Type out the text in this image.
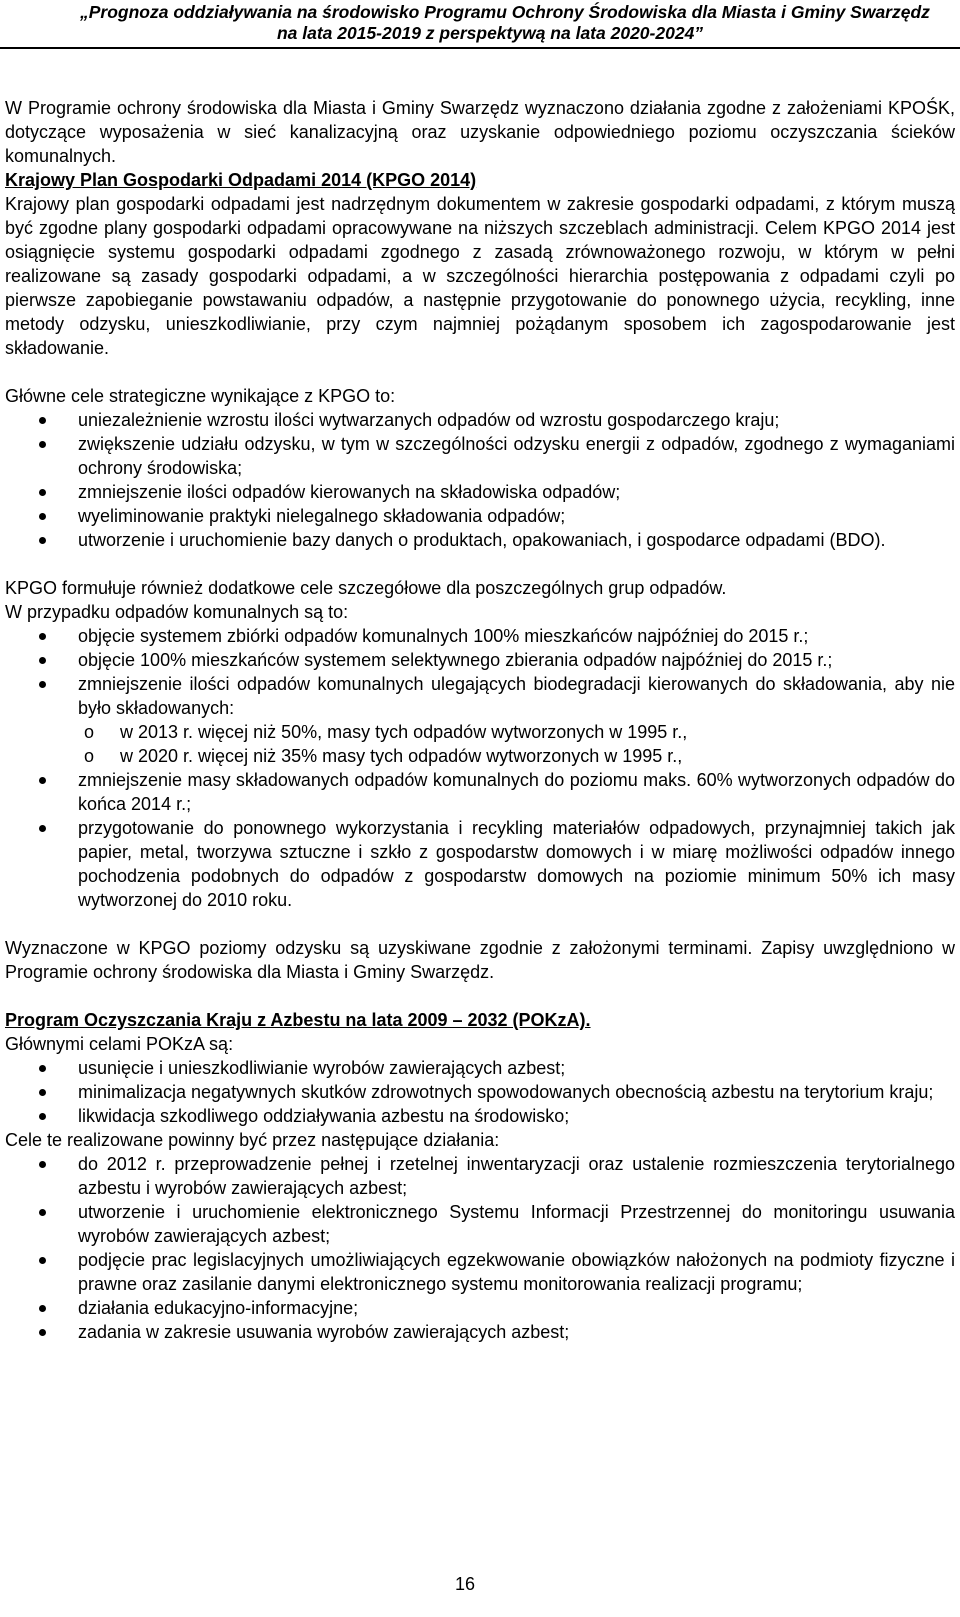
„Prognoza oddziaływania na środowisko Programu Ochrony Środowiska dla Miasta i Gminy Swarzędz
na lata 2015-2019 z perspektywą na lata 2020-2024”

W Programie ochrony środowiska dla Miasta i Gminy Swarzędz wyznaczono działania zgodne z założeniami KPOŚK, dotyczące wyposażenia w sieć kanalizacyjną oraz uzyskanie odpowiedniego poziomu oczyszczania ścieków komunalnych.

Krajowy Plan Gospodarki Odpadami 2014 (KPGO 2014)

Krajowy plan gospodarki odpadami jest nadrzędnym dokumentem w zakresie gospodarki odpadami, z którym muszą być zgodne plany gospodarki odpadami opracowywane na niższych szczeblach administracji. Celem KPGO 2014 jest osiągnięcie systemu gospodarki odpadami zgodnego z zasadą zrównoważonego rozwoju, w którym w pełni realizowane są zasady gospodarki odpadami, a w szczególności hierarchia postępowania z odpadami czyli po pierwsze zapobieganie powstawaniu odpadów, a następnie przygotowanie do ponownego użycia, recykling, inne metody odzysku, unieszkodliwianie, przy czym najmniej pożądanym sposobem ich zagospodarowanie jest składowanie.

Główne cele strategiczne wynikające z KPGO to:

uniezależnienie wzrostu ilości wytwarzanych odpadów od wzrostu gospodarczego kraju;
zwiększenie udziału odzysku, w tym w szczególności odzysku energii z odpadów, zgodnego z wymaganiami ochrony środowiska;
zmniejszenie ilości odpadów kierowanych na składowiska odpadów;
wyeliminowanie praktyki nielegalnego składowania odpadów;
utworzenie i uruchomienie bazy danych o produktach, opakowaniach, i gospodarce odpadami (BDO).

KPGO formułuje również dodatkowe cele szczegółowe dla poszczególnych grup odpadów.

W przypadku odpadów komunalnych są to:

objęcie systemem zbiórki odpadów komunalnych 100% mieszkańców najpóźniej do 2015 r.;
objęcie 100% mieszkańców systemem selektywnego zbierania odpadów najpóźniej do 2015 r.;
zmniejszenie ilości odpadów komunalnych ulegających biodegradacji kierowanych do składowania, aby nie było składowanych:
o w 2013 r. więcej niż 50%, masy tych odpadów wytworzonych w 1995 r.,
o w 2020 r. więcej niż 35% masy tych odpadów wytworzonych w 1995 r.,
zmniejszenie masy składowanych odpadów komunalnych do poziomu maks. 60% wytworzonych odpadów do końca 2014 r.;
przygotowanie do ponownego wykorzystania i recykling materiałów odpadowych, przynajmniej takich jak papier, metal, tworzywa sztuczne i szkło z gospodarstw domowych i w miarę możliwości odpadów innego pochodzenia podobnych do odpadów z gospodarstw domowych na poziomie minimum 50% ich masy wytworzonej do 2010 roku.

Wyznaczone w KPGO poziomy odzysku są uzyskiwane zgodnie z założonymi terminami. Zapisy uwzględniono w Programie ochrony środowiska dla Miasta i Gminy Swarzędz.

Program Oczyszczania Kraju z Azbestu na lata 2009 – 2032 (POKzA).

Głównymi celami POKzA są:

usunięcie i unieszkodliwianie wyrobów zawierających azbest;
minimalizacja negatywnych skutków zdrowotnych spowodowanych obecnością azbestu na terytorium kraju;
likwidacja szkodliwego oddziaływania azbestu na środowisko;

Cele te realizowane powinny być przez następujące działania:

do 2012 r. przeprowadzenie pełnej i rzetelnej inwentaryzacji oraz ustalenie rozmieszczenia terytorialnego azbestu i wyrobów zawierających azbest;
utworzenie i uruchomienie elektronicznego Systemu Informacji Przestrzennej do monitoringu usuwania wyrobów zawierających azbest;
podjęcie prac legislacyjnych umożliwiających egzekwowanie obowiązków nałożonych na podmioty fizyczne i prawne oraz zasilanie danymi elektronicznego systemu monitorowania realizacji programu;
działania edukacyjno-informacyjne;
zadania w zakresie usuwania wyrobów zawierających azbest;
16
